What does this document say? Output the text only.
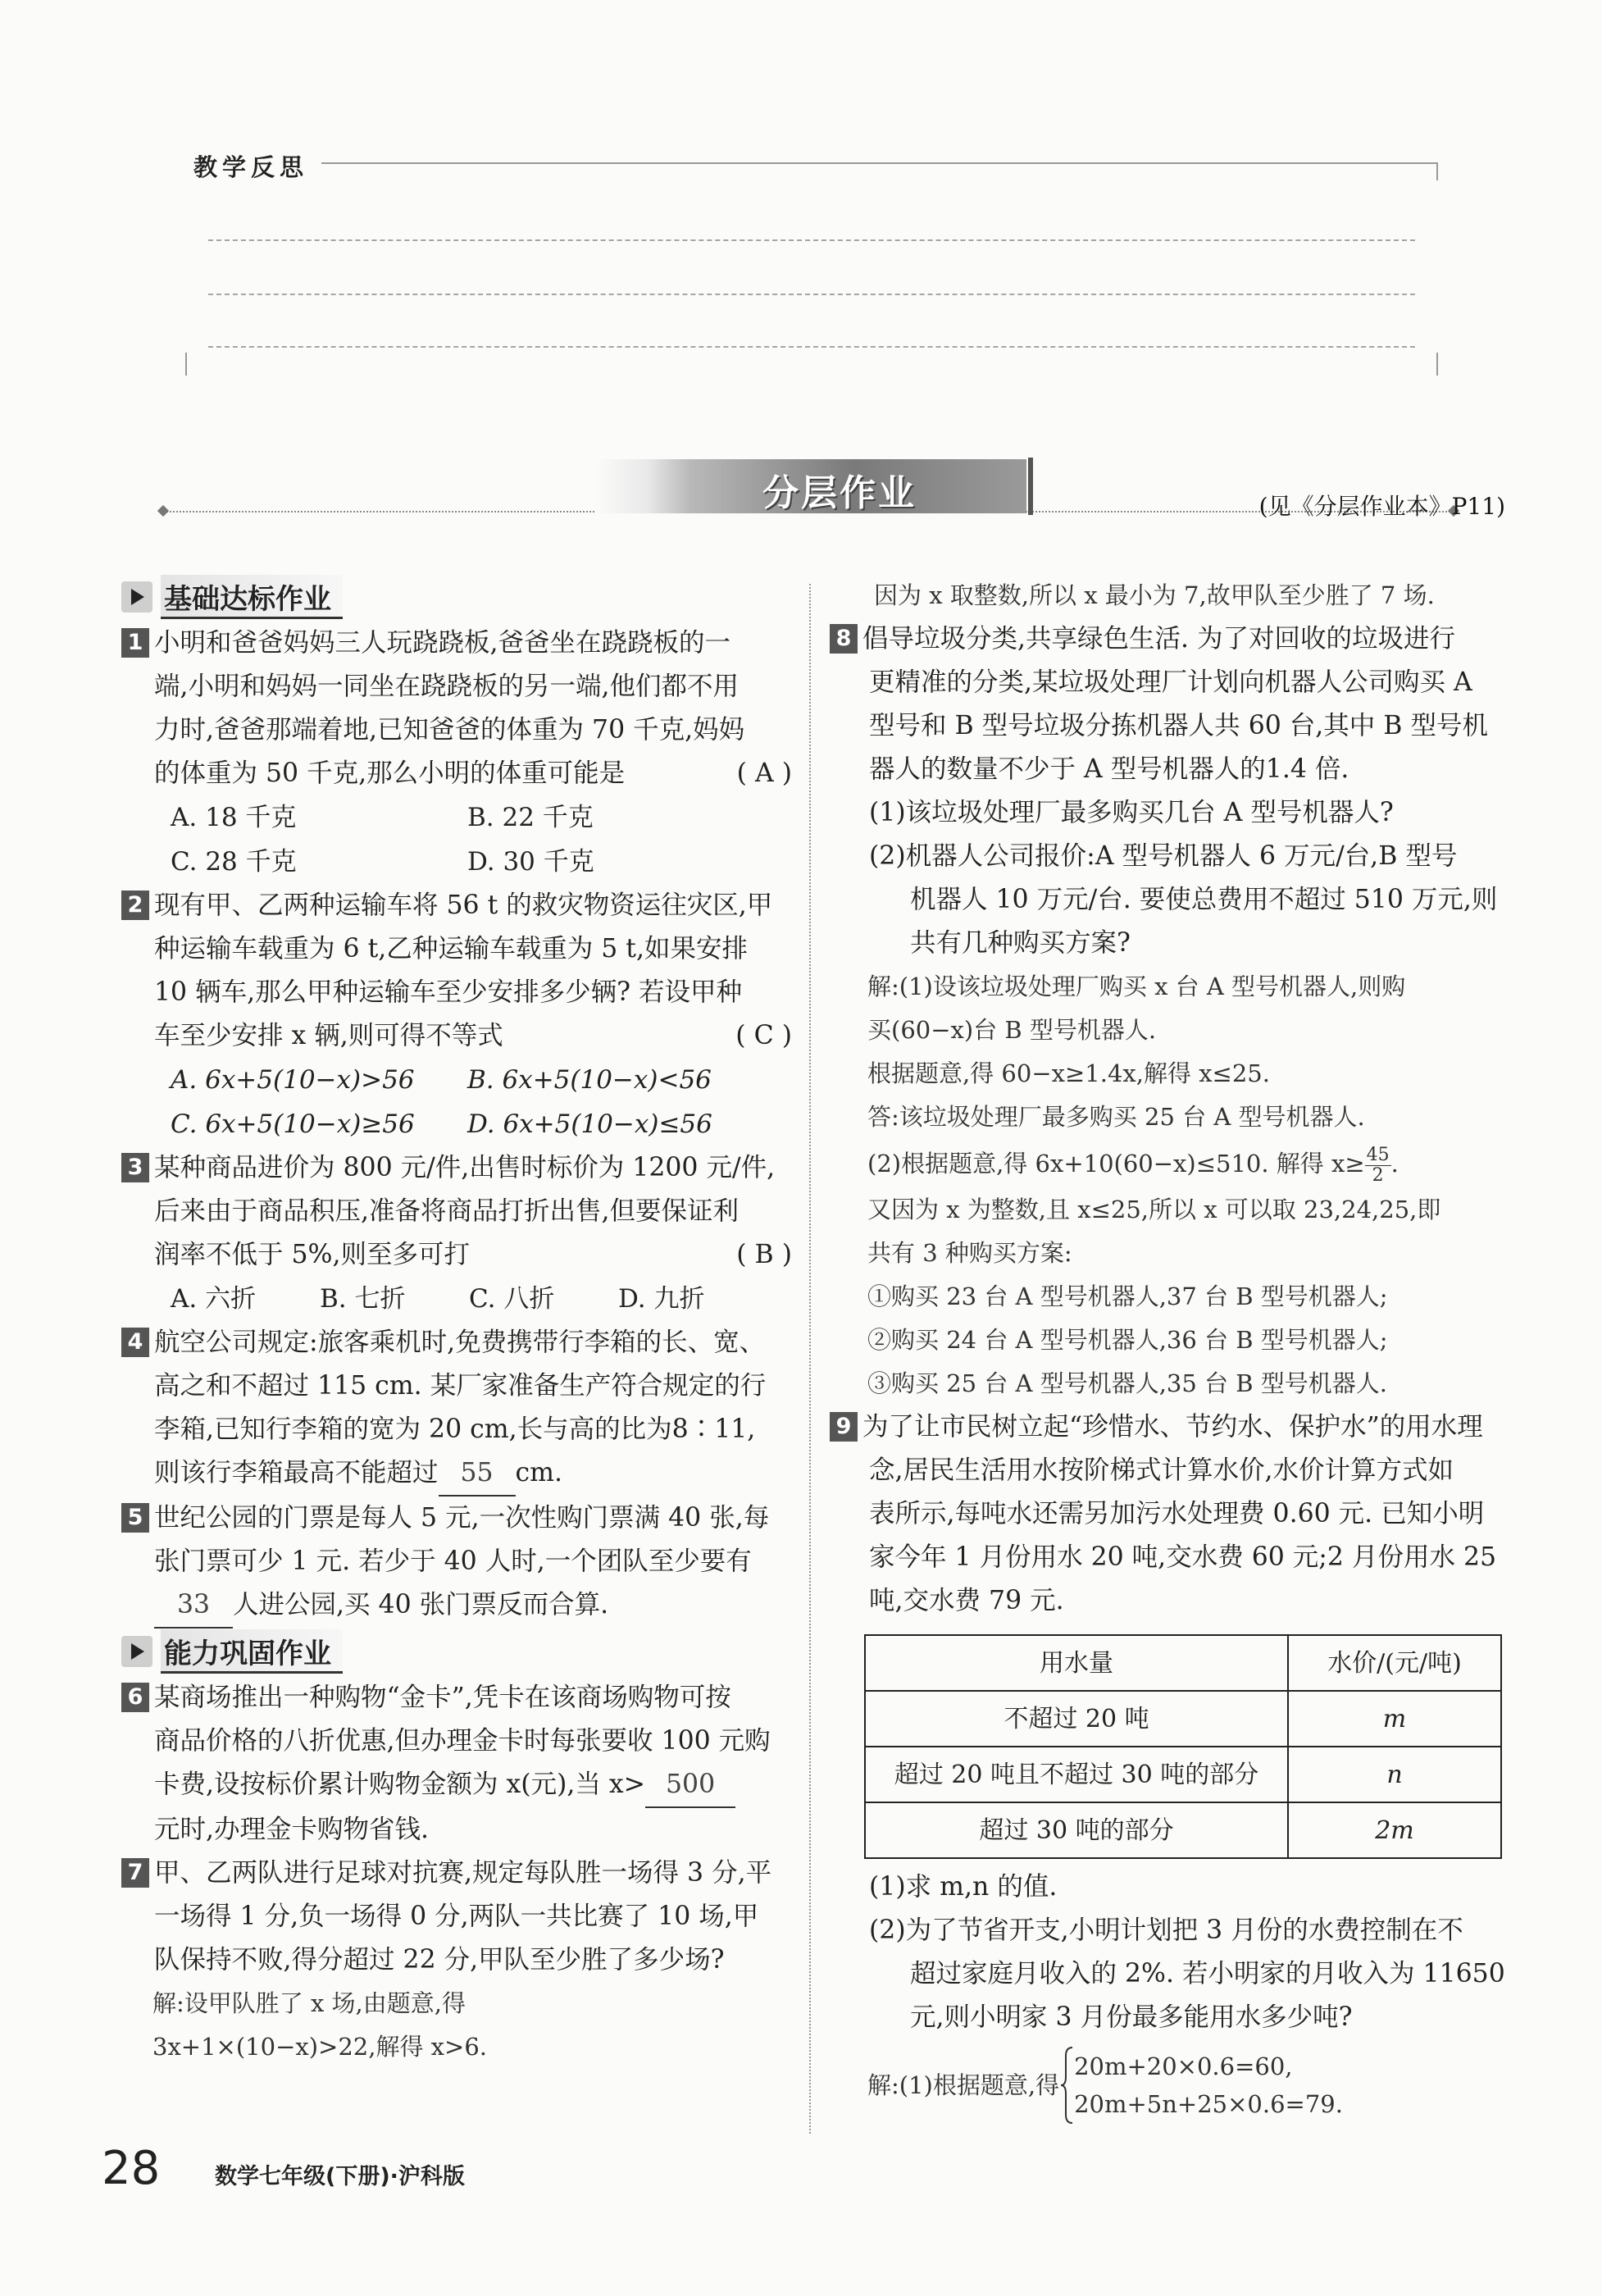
教学反思
分层作业	(见《分层作业本》P11)
基础达标作业
1 小明和爸爸妈妈三人玩跷跷板,爸爸坐在跷跷板的一
端,小明和妈妈一同坐在跷跷板的另一端,他们都不用
力时,爸爸那端着地,已知爸爸的体重为 70 千克,妈妈
的体重为 50 千克,那么小明的体重可能是	( A )
A. 18 千克	B. 22 千克
C. 28 千克	D. 30 千克
2 现有甲、乙两种运输车将 56 t 的救灾物资运往灾区,甲
种运输车载重为 6 t,乙种运输车载重为 5 t,如果安排
10 辆车,那么甲种运输车至少安排多少辆? 若设甲种
车至少安排 x 辆,则可得不等式	( C )
A. 6x+5(10−x)>56 B. 6x+5(10−x)<56
C. 6x+5(10−x)≥56 D. 6x+5(10−x)≤56
3 某种商品进价为 800 元/件,出售时标价为 1200 元/件,
后来由于商品积压,准备将商品打折出售,但要保证利
润率不低于 5%,则至多可打	( B )
A. 六折	B. 七折	C. 八折	D. 九折
4 航空公司规定:旅客乘机时,免费携带行李箱的长、宽、
高之和不超过 115 cm. 某厂家准备生产符合规定的行
李箱,已知行李箱的宽为 20 cm,长与高的比为8∶11,
则该行李箱最高不能超过 55 cm.
5 世纪公园的门票是每人 5 元,一次性购门票满 40 张,每
张门票可少 1 元. 若少于 40 人时,一个团队至少要有
33 人进公园,买 40 张门票反而合算.
能力巩固作业
6 某商场推出一种购物“金卡”,凭卡在该商场购物可按
商品价格的八折优惠,但办理金卡时每张要收 100 元购
卡费,设按标价累计购物金额为 x(元),当 x> 500
元时,办理金卡购物省钱.
7 甲、乙两队进行足球对抗赛,规定每队胜一场得 3 分,平
一场得 1 分,负一场得 0 分,两队一共比赛了 10 场,甲
队保持不败,得分超过 22 分,甲队至少胜了多少场?
解:设甲队胜了 x 场,由题意,得
3x+1×(10−x)>22,解得 x>6.
因为 x 取整数,所以 x 最小为 7,故甲队至少胜了 7 场.
8 倡导垃圾分类,共享绿色生活. 为了对回收的垃圾进行
更精准的分类,某垃圾处理厂计划向机器人公司购买 A
型号和 B 型号垃圾分拣机器人共 60 台,其中 B 型号机
器人的数量不少于 A 型号机器人的1.4 倍.
(1)该垃圾处理厂最多购买几台 A 型号机器人?
(2)机器人公司报价:A 型号机器人 6 万元/台,B 型号
机器人 10 万元/台. 要使总费用不超过 510 万元,则
共有几种购买方案?
解:(1)设该垃圾处理厂购买 x 台 A 型号机器人,则购
买(60−x)台 B 型号机器人.
根据题意,得 60−x≥1.4x,解得 x≤25.
答:该垃圾处理厂最多购买 25 台 A 型号机器人.
(2)根据题意,得 6x+10(60−x)≤510. 解得 $x\ge \frac{45}{2}$ .
又因为 x 为整数,且 x≤25,所以 x 可以取 23,24,25,即
共有 3 种购买方案:
①购买 23 台 A 型号机器人,37 台 B 型号机器人;
②购买 24 台 A 型号机器人,36 台 B 型号机器人;
③购买 25 台 A 型号机器人,35 台 B 型号机器人.
9 为了让市民树立起“珍惜水、节约水、保护水”的用水理
念,居民生活用水按阶梯式计算水价,水价计算方式如
表所示,每吨水还需另加污水处理费 0.60 元. 已知小明
家今年 1 月份用水 20 吨,交水费 60 元;2 月份用水 25
吨,交水费 79 元.
用水量	水价/(元/吨)
不超过 20 吨	m
超过 20 吨且不超过 30 吨的部分	n
超过 30 吨的部分	2m
(1)求 m,n 的值.
(2)为了节省开支,小明计划把 3 月份的水费控制在不
超过家庭月收入的 2%. 若小明家的月收入为 11650
元,则小明家 3 月份最多能用水多少吨?
解:(1)根据题意,得
20m+20×0.6=60,
20m+5n+25×0.6=79.
28 数学七年级(下册)·沪科版
